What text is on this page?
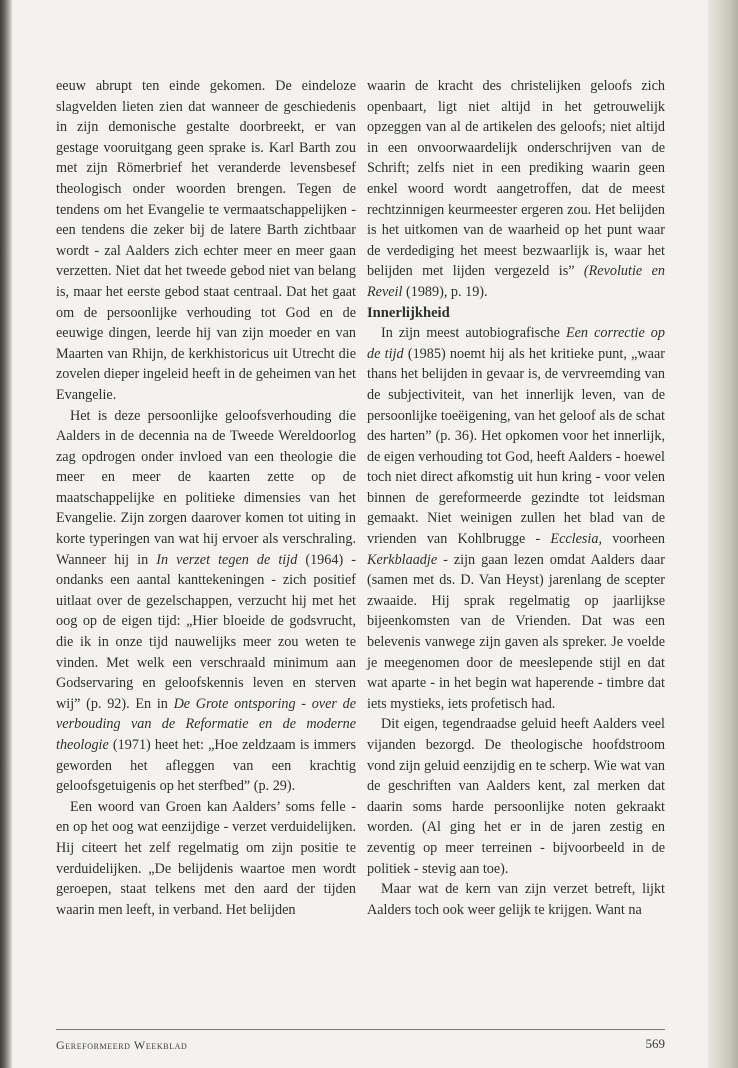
eeuw abrupt ten einde gekomen. De eindeloze slagvelden lieten zien dat wanneer de geschiedenis in zijn demonische gestalte doorbreekt, er van gestage vooruitgang geen sprake is. Karl Barth zou met zijn Römerbrief het veranderde levensbesef theologisch onder woorden brengen. Tegen de tendens om het Evangelie te vermaatschappelijken - een tendens die zeker bij de latere Barth zichtbaar wordt - zal Aalders zich echter meer en meer gaan verzetten. Niet dat het tweede gebod niet van belang is, maar het eerste gebod staat centraal. Dat het gaat om de persoonlijke verhouding tot God en de eeuwige dingen, leerde hij van zijn moeder en van Maarten van Rhijn, de kerkhistoricus uit Utrecht die zovelen dieper ingeleid heeft in de geheimen van het Evangelie.

Het is deze persoonlijke geloofsverhouding die Aalders in de decennia na de Tweede Wereldoorlog zag opdrogen onder invloed van een theologie die meer en meer de kaarten zette op de maatschappelijke en politieke dimensies van het Evangelie. Zijn zorgen daarover komen tot uiting in korte typeringen van wat hij ervoer als verschraling. Wanneer hij in In verzet tegen de tijd (1964) - ondanks een aantal kanttekeningen - zich positief uitlaat over de gezelschappen, verzucht hij met het oog op de eigen tijd: „Hier bloeide de godsvrucht, die ik in onze tijd nauwelijks meer zou weten te vinden. Met welk een verschraald minimum aan Godservaring en geloofskennis leven en sterven wij” (p. 92). En in De Grote ontsporing - over de verbouding van de Reformatie en de moderne theologie (1971) heet het: „Hoe zeldzaam is immers geworden het afleggen van een krachtig geloofsgetuigenis op het sterfbed” (p. 29).

Een woord van Groen kan Aalders’ soms felle - en op het oog wat eenzijdige - verzet verduidelijken. Hij citeert het zelf regelmatig om zijn positie te verduidelijken. „De belijdenis waartoe men wordt geroepen, staat telkens met den aard der tijden waarin men leeft, in verband. Het belijden

waarin de kracht des christelijken geloofs zich openbaart, ligt niet altijd in het getrouwelijk opzeggen van al de artikelen des geloofs; niet altijd in een onvoorwaardelijk onderschrijven van de Schrift; zelfs niet in een prediking waarin geen enkel woord wordt aangetroffen, dat de meest rechtzinnigen keurmeester ergeren zou. Het belijden is het uitkomen van de waarheid op het punt waar de verdediging het meest bezwaarlijk is, waar het belijden met lijden vergezeld is” (Revolutie en Reveil (1989), p. 19).

Innerlijkheid

In zijn meest autobiografische Een correctie op de tijd (1985) noemt hij als het kritieke punt, „waar thans het belijden in gevaar is, de vervreemding van de subjectiviteit, van het innerlijk leven, van de persoonlijke toeëigening, van het geloof als de schat des harten” (p. 36). Het opkomen voor het innerlijk, de eigen verhouding tot God, heeft Aalders - hoewel toch niet direct afkomstig uit hun kring - voor velen binnen de gereformeerde gezindte tot leidsman gemaakt. Niet weinigen zullen het blad van de vrienden van Kohlbrugge - Ecclesia, voorheen Kerkblaadje - zijn gaan lezen omdat Aalders daar (samen met ds. D. Van Heyst) jarenlang de scepter zwaaide. Hij sprak regelmatig op jaarlijkse bijeenkomsten van de Vrienden. Dat was een belevenis vanwege zijn gaven als spreker. Je voelde je meegenomen door de meeslepende stijl en dat wat aparte - in het begin wat haperende - timbre dat iets mystieks, iets profetisch had.

Dit eigen, tegendraadse geluid heeft Aalders veel vijanden bezorgd. De theologische hoofdstroom vond zijn geluid eenzijdig en te scherp. Wie wat van de geschriften van Aalders kent, zal merken dat daarin soms harde persoonlijke noten gekraakt worden. (Al ging het er in de jaren zestig en zeventig op meer terreinen - bijvoorbeeld in de politiek - stevig aan toe).

Maar wat de kern van zijn verzet betreft, lijkt Aalders toch ook weer gelijk te krijgen. Want na

Gereformeerd Weekblad	569
